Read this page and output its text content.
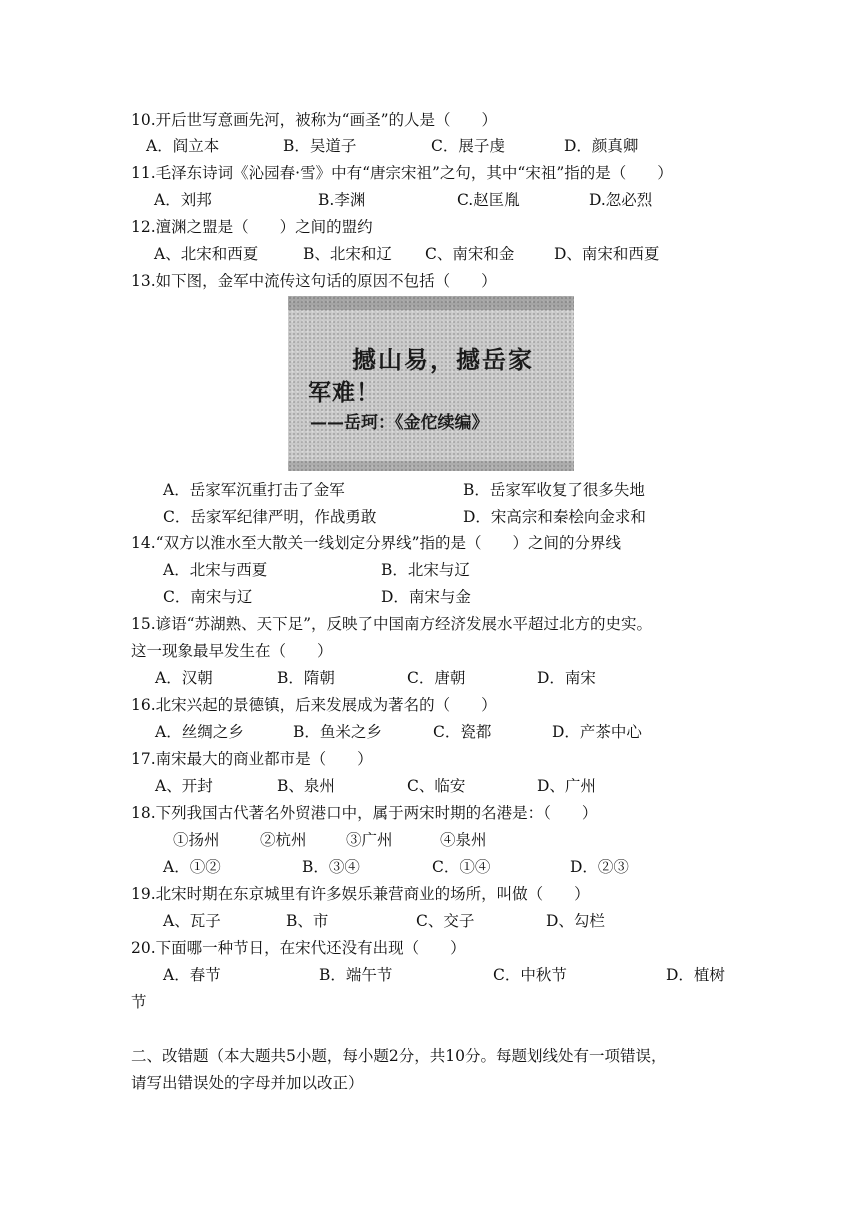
10.开后世写意画先河，被称为“画圣”的人是（　　）
A．阎立本	B．吴道子	C．展子虔	D．颜真卿
11.毛泽东诗词《沁园春·雪》中有“唐宗宋祖”之句，其中“宋祖”指的是（　　）
A．刘邦	B.李渊	C.赵匡胤	D.忽必烈
12.澶渊之盟是（　　）之间的盟约
A、北宋和西夏	B、北宋和辽 C、南宋和金	D、南宋和西夏
13.如下图，金军中流传这句话的原因不包括（　　）
撼山易，撼岳家
军难！
——岳珂：《金佗续编》
A．岳家军沉重打击了金军	B．岳家军收复了很多失地
C．岳家军纪律严明，作战勇敢	D．宋高宗和秦桧向金求和
14.“双方以淮水至大散关一线划定分界线”指的是（　　）之间的分界线
A．北宋与西夏	B．北宋与辽
C．南宋与辽	D．南宋与金
15.谚语“苏湖熟、天下足”，反映了中国南方经济发展水平超过北方的史实。
这一现象最早发生在（　　）
A．汉朝	B．隋朝	C．唐朝	D．南宋
16.北宋兴起的景德镇，后来发展成为著名的（　　）
A．丝绸之乡	B．鱼米之乡	C．瓷都	D．产茶中心
17.南宋最大的商业都市是（　　）
A、开封	B、泉州	C、临安	D、广州
18.下列我国古代著名外贸港口中，属于两宋时期的名港是：（　　）
①扬州	②杭州	③广州	④泉州
A．①②	B．③④	C．①④	D．②③
19.北宋时期在东京城里有许多娱乐兼营商业的场所，叫做（　　）
A、瓦子	B、市	C、交子	D、勾栏
20.下面哪一种节日，在宋代还没有出现（　　）
A．春节	B．端午节	C．中秋节	D．植树
节
二、改错题（本大题共5小题，每小题2分，共10分。每题划线处有一项错误，
请写出错误处的字母并加以改正）
